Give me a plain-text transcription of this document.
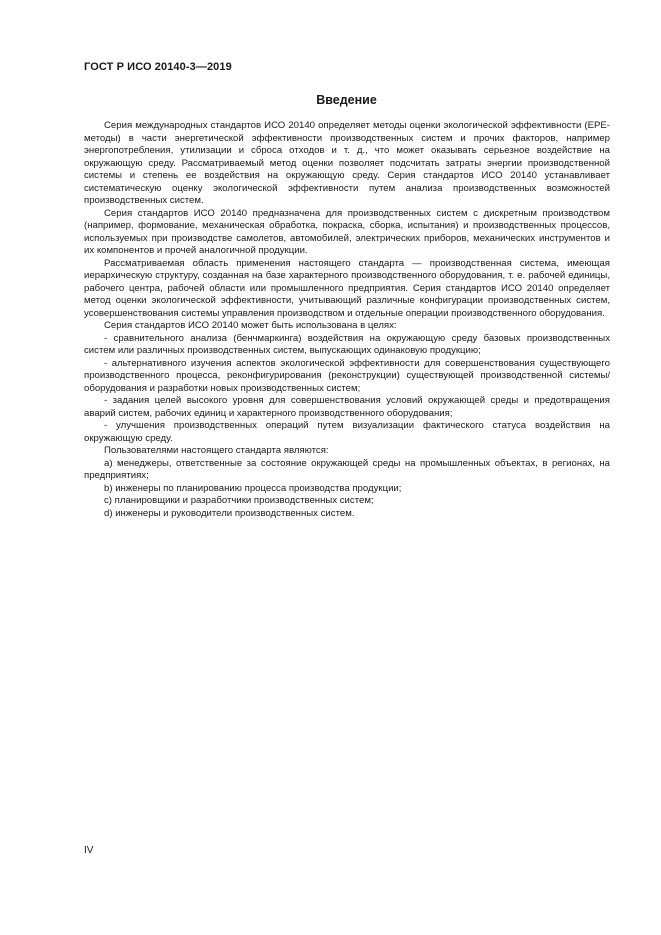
ГОСТ Р ИСО 20140-3—2019
Введение

Серия международных стандартов ИСО 20140 определяет методы оценки экологической эффективности (ЕРЕ-методы) в части энергетической эффективности производственных систем и прочих факторов, например энергопотребления, утилизации и сброса отходов и т. д., что может оказывать серьезное воздействие на окружающую среду. Рассматриваемый метод оценки позволяет подсчитать затраты энергии производственной системы и степень ее воздействия на окружающую среду. Серия стандартов ИСО 20140 устанавливает систематическую оценку экологической эффективности путем анализа производственных возможностей производственных систем.

Серия стандартов ИСО 20140 предназначена для производственных систем с дискретным производством (например, формование, механическая обработка, покраска, сборка, испытания) и производственных процессов, используемых при производстве самолетов, автомобилей, электрических приборов, механических инструментов и их компонентов и прочей аналогичной продукции.

Рассматриваемая область применения настоящего стандарта — производственная система, имеющая иерархическую структуру, созданная на базе характерного производственного оборудования, т. е. рабочей единицы, рабочего центра, рабочей области или промышленного предприятия. Серия стандартов ИСО 20140 определяет метод оценки экологической эффективности, учитывающий различные конфигурации производственных систем, усовершенствования системы управления производством и отдельные операции производственного оборудования.

Серия стандартов ИСО 20140 может быть использована в целях:

- сравнительного анализа (бенчмаркинга) воздействия на окружающую среду базовых производственных систем или различных производственных систем, выпускающих одинаковую продукцию;

- альтернативного изучения аспектов экологической эффективности для совершенствования существующего производственного процесса, реконфигурирования (реконструкции) существующей производственной системы/оборудования и разработки новых производственных систем;

- задания целей высокого уровня для совершенствования условий окружающей среды и предотвращения аварий систем, рабочих единиц и характерного производственного оборудования;

- улучшения производственных операций путем визуализации фактического статуса воздействия на окружающую среду.

Пользователями настоящего стандарта являются:

a) менеджеры, ответственные за состояние окружающей среды на промышленных объектах, в регионах, на предприятиях;

b) инженеры по планированию процесса производства продукции;

c) планировщики и разработчики производственных систем;

d) инженеры и руководители производственных систем.

IV
